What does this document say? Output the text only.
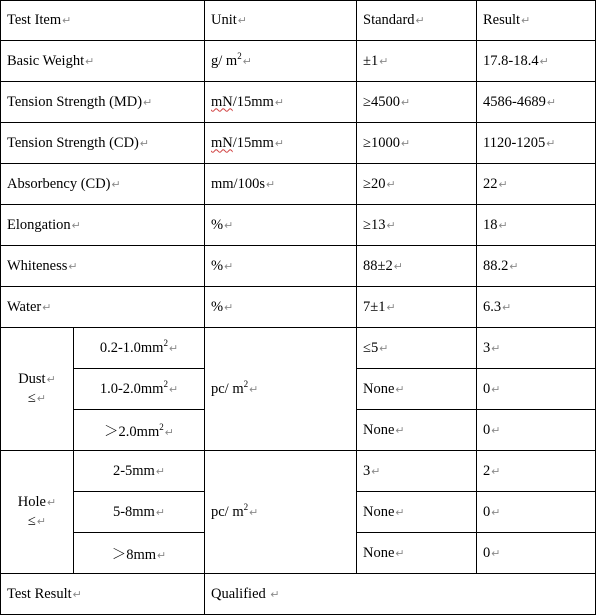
Test Item↵		Unit↵	Standard↵	Result↵
Basic Weight↵		g/ $m^2↵$	±1↵	17.8-18.4↵
Tension Strength (MD)↵		mN/15mm↵	≥4500↵	4586-4689↵
Tension Strength (CD)↵		mN/15mm↵	≥1000↵	1120-1205↵
Absorbency (CD)↵		mm/100s↵	≥20↵	22↵
Elongation↵		%↵	≥13↵	18↵
Whiteness↵		%↵	88±2↵	88.2↵
Water↵		%↵	7±1↵	6.3↵
Dust↵
≤↵	$0.2-1.0mm^2↵$	pc/ $m^2↵$	≤5↵	3↵
	$1.0-2.0mm^2↵$		None↵	0↵
	$>2.0mm^2↵$		None↵	0↵
Hole↵
≤↵	2-5mm↵	pc/ $m^2↵$	3↵	2↵
	5-8mm↵		None↵	0↵
	＞8mm↵		None↵	0↵
Test Result↵		Qualified ↵		
